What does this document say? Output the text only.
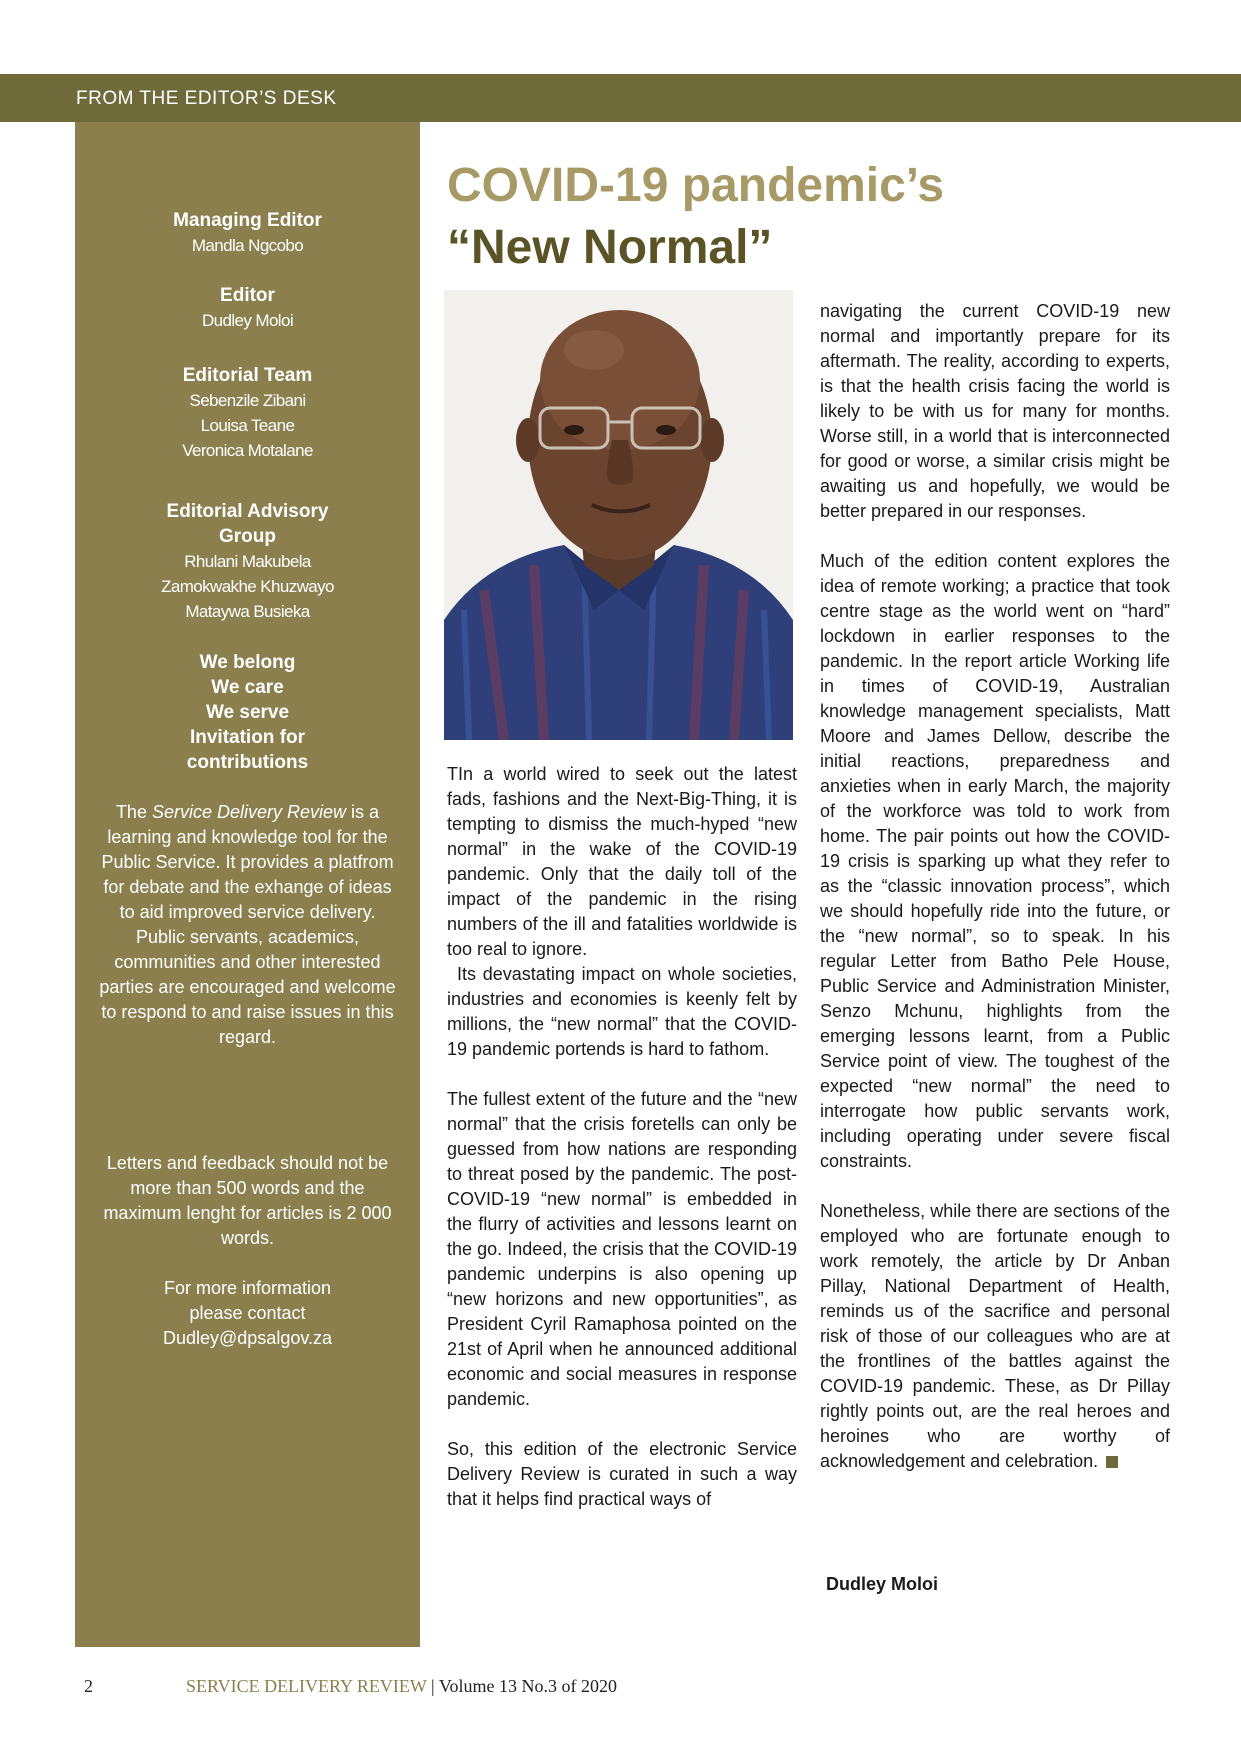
FROM THE EDITOR’S DESK
Managing Editor
Mandla Ngcobo
Editor
Dudley Moloi
Editorial Team
Sebenzile Zibani
Louisa Teane
Veronica Motalane
Editorial Advisory
Group
Rhulani Makubela
Zamokwakhe Khuzwayo
Mataywa Busieka
We belong
We care
We serve
Invitation for
contributions
The Service Delivery Review is a learning and knowledge tool for the Public Service. It provides a platfrom for debate and the exhange of ideas to aid improved service delivery.
Public servants, academics, communities and other interested parties are encouraged and welcome to respond to and raise issues in this regard.
Letters and feedback should not be more than 500 words and the maximum lenght for articles is 2 000 words.
For more information
please contact
Dudley@dpsalgov.za
COVID-19 pandemic’s
“New Normal”

TIn a world wired to seek out the latest fads, fashions and the Next-Big-Thing, it is tempting to dismiss the much-hyped “new normal” in the wake of the COVID-19 pandemic. Only that the daily toll of the impact of the pandemic in the rising numbers of the ill and fatalities worldwide is too real to ignore.

Its devastating impact on whole societies, industries and economies is keenly felt by millions, the “new normal” that the COVID-19 pandemic portends is hard to fathom.

The fullest extent of the future and the “new normal” that the crisis foretells can only be guessed from how nations are responding to threat posed by the pandemic. The post-COVID-19 “new normal” is embedded in the flurry of activities and lessons learnt on the go. Indeed, the crisis that the COVID-19 pandemic underpins is also opening up “new horizons and new opportunities”, as President Cyril Ramaphosa pointed on the 21st of April when he announced additional economic and social measures in response pandemic.

So, this edition of the electronic Service Delivery Review is curated in such a way that it helps find practical ways of

navigating the current COVID-19 new normal and importantly prepare for its aftermath. The reality, according to experts, is that the health crisis facing the world is likely to be with us for many for months. Worse still, in a world that is interconnected for good or worse, a similar crisis might be awaiting us and hopefully, we would be better prepared in our responses.

Much of the edition content explores the idea of remote working; a practice that took centre stage as the world went on “hard” lockdown in earlier responses to the pandemic. In the report article Working life in times of COVID-19, Australian knowledge management specialists, Matt Moore and James Dellow, describe the initial reactions, preparedness and anxieties when in early March, the majority of the workforce was told to work from home. The pair points out how the COVID-19 crisis is sparking up what they refer to as the “classic innovation process”, which we should hopefully ride into the future, or the “new normal”, so to speak. In his regular Letter from Batho Pele House, Public Service and Administration Minister, Senzo Mchunu, highlights from the emerging lessons learnt, from a Public Service point of view. The toughest of the expected “new normal” the need to interrogate how public servants work, including operating under severe fiscal constraints.

Nonetheless, while there are sections of the employed who are fortunate enough to work remotely, the article by Dr Anban Pillay, National Department of Health, reminds us of the sacrifice and personal risk of those of our colleagues who are at the frontlines of the battles against the COVID-19 pandemic. These, as Dr Pillay rightly points out, are the real heroes and heroines who are worthy of acknowledgement and celebration.

Dudley Moloi
2	SERVICE DELIVERY REVIEW | Volume 13 No.3 of 2020
